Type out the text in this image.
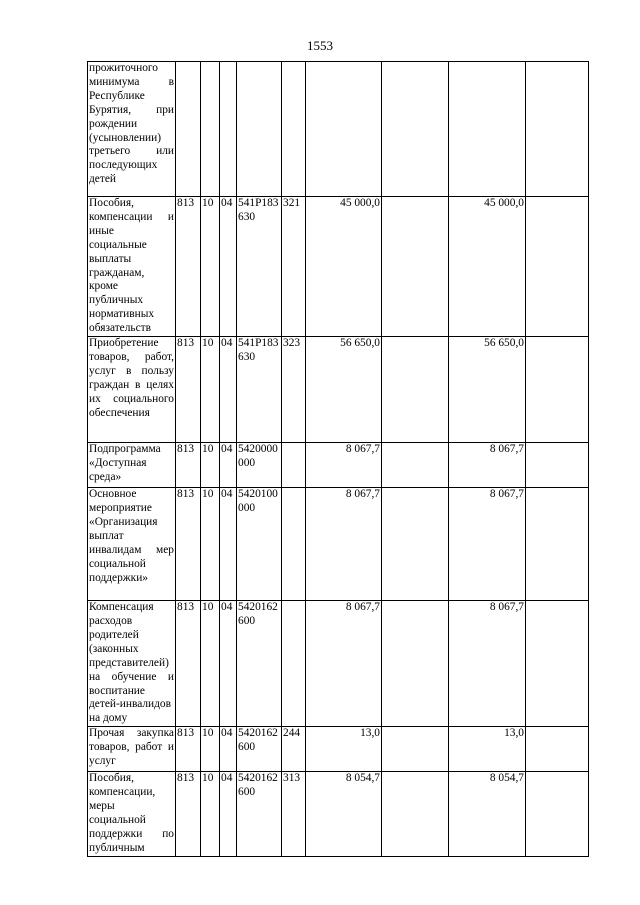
1553
прожиточного минимума в Республике Бурятия, при рождении (усыновлении) третьего или последующих детей									
Пособия, компенсации и иные социальные выплаты гражданам, кроме публичных нормативных обязательств	813	10	04	541P183630	321	45 000,0		45 000,0	
Приобретение товаров, работ, услуг в пользу граждан в целях их социального обеспечения	813	10	04	541P183630	323	56 650,0		56 650,0	
Подпрограмма «Доступная среда»	813	10	04	5420000000		8 067,7		8 067,7	
Основное мероприятие «Организация выплат инвалидам мер социальной поддержки»	813	10	04	5420100000		8 067,7		8 067,7	
Компенсация расходов родителей (законных представителей) на обучение и воспитание детей-инвалидов на дому	813	10	04	5420162600		8 067,7		8 067,7	
Прочая закупка товаров, работ и услуг	813	10	04	5420162600	244	13,0		13,0	
Пособия, компенсации, меры социальной поддержки по публичным	813	10	04	5420162600	313	8 054,7		8 054,7	
